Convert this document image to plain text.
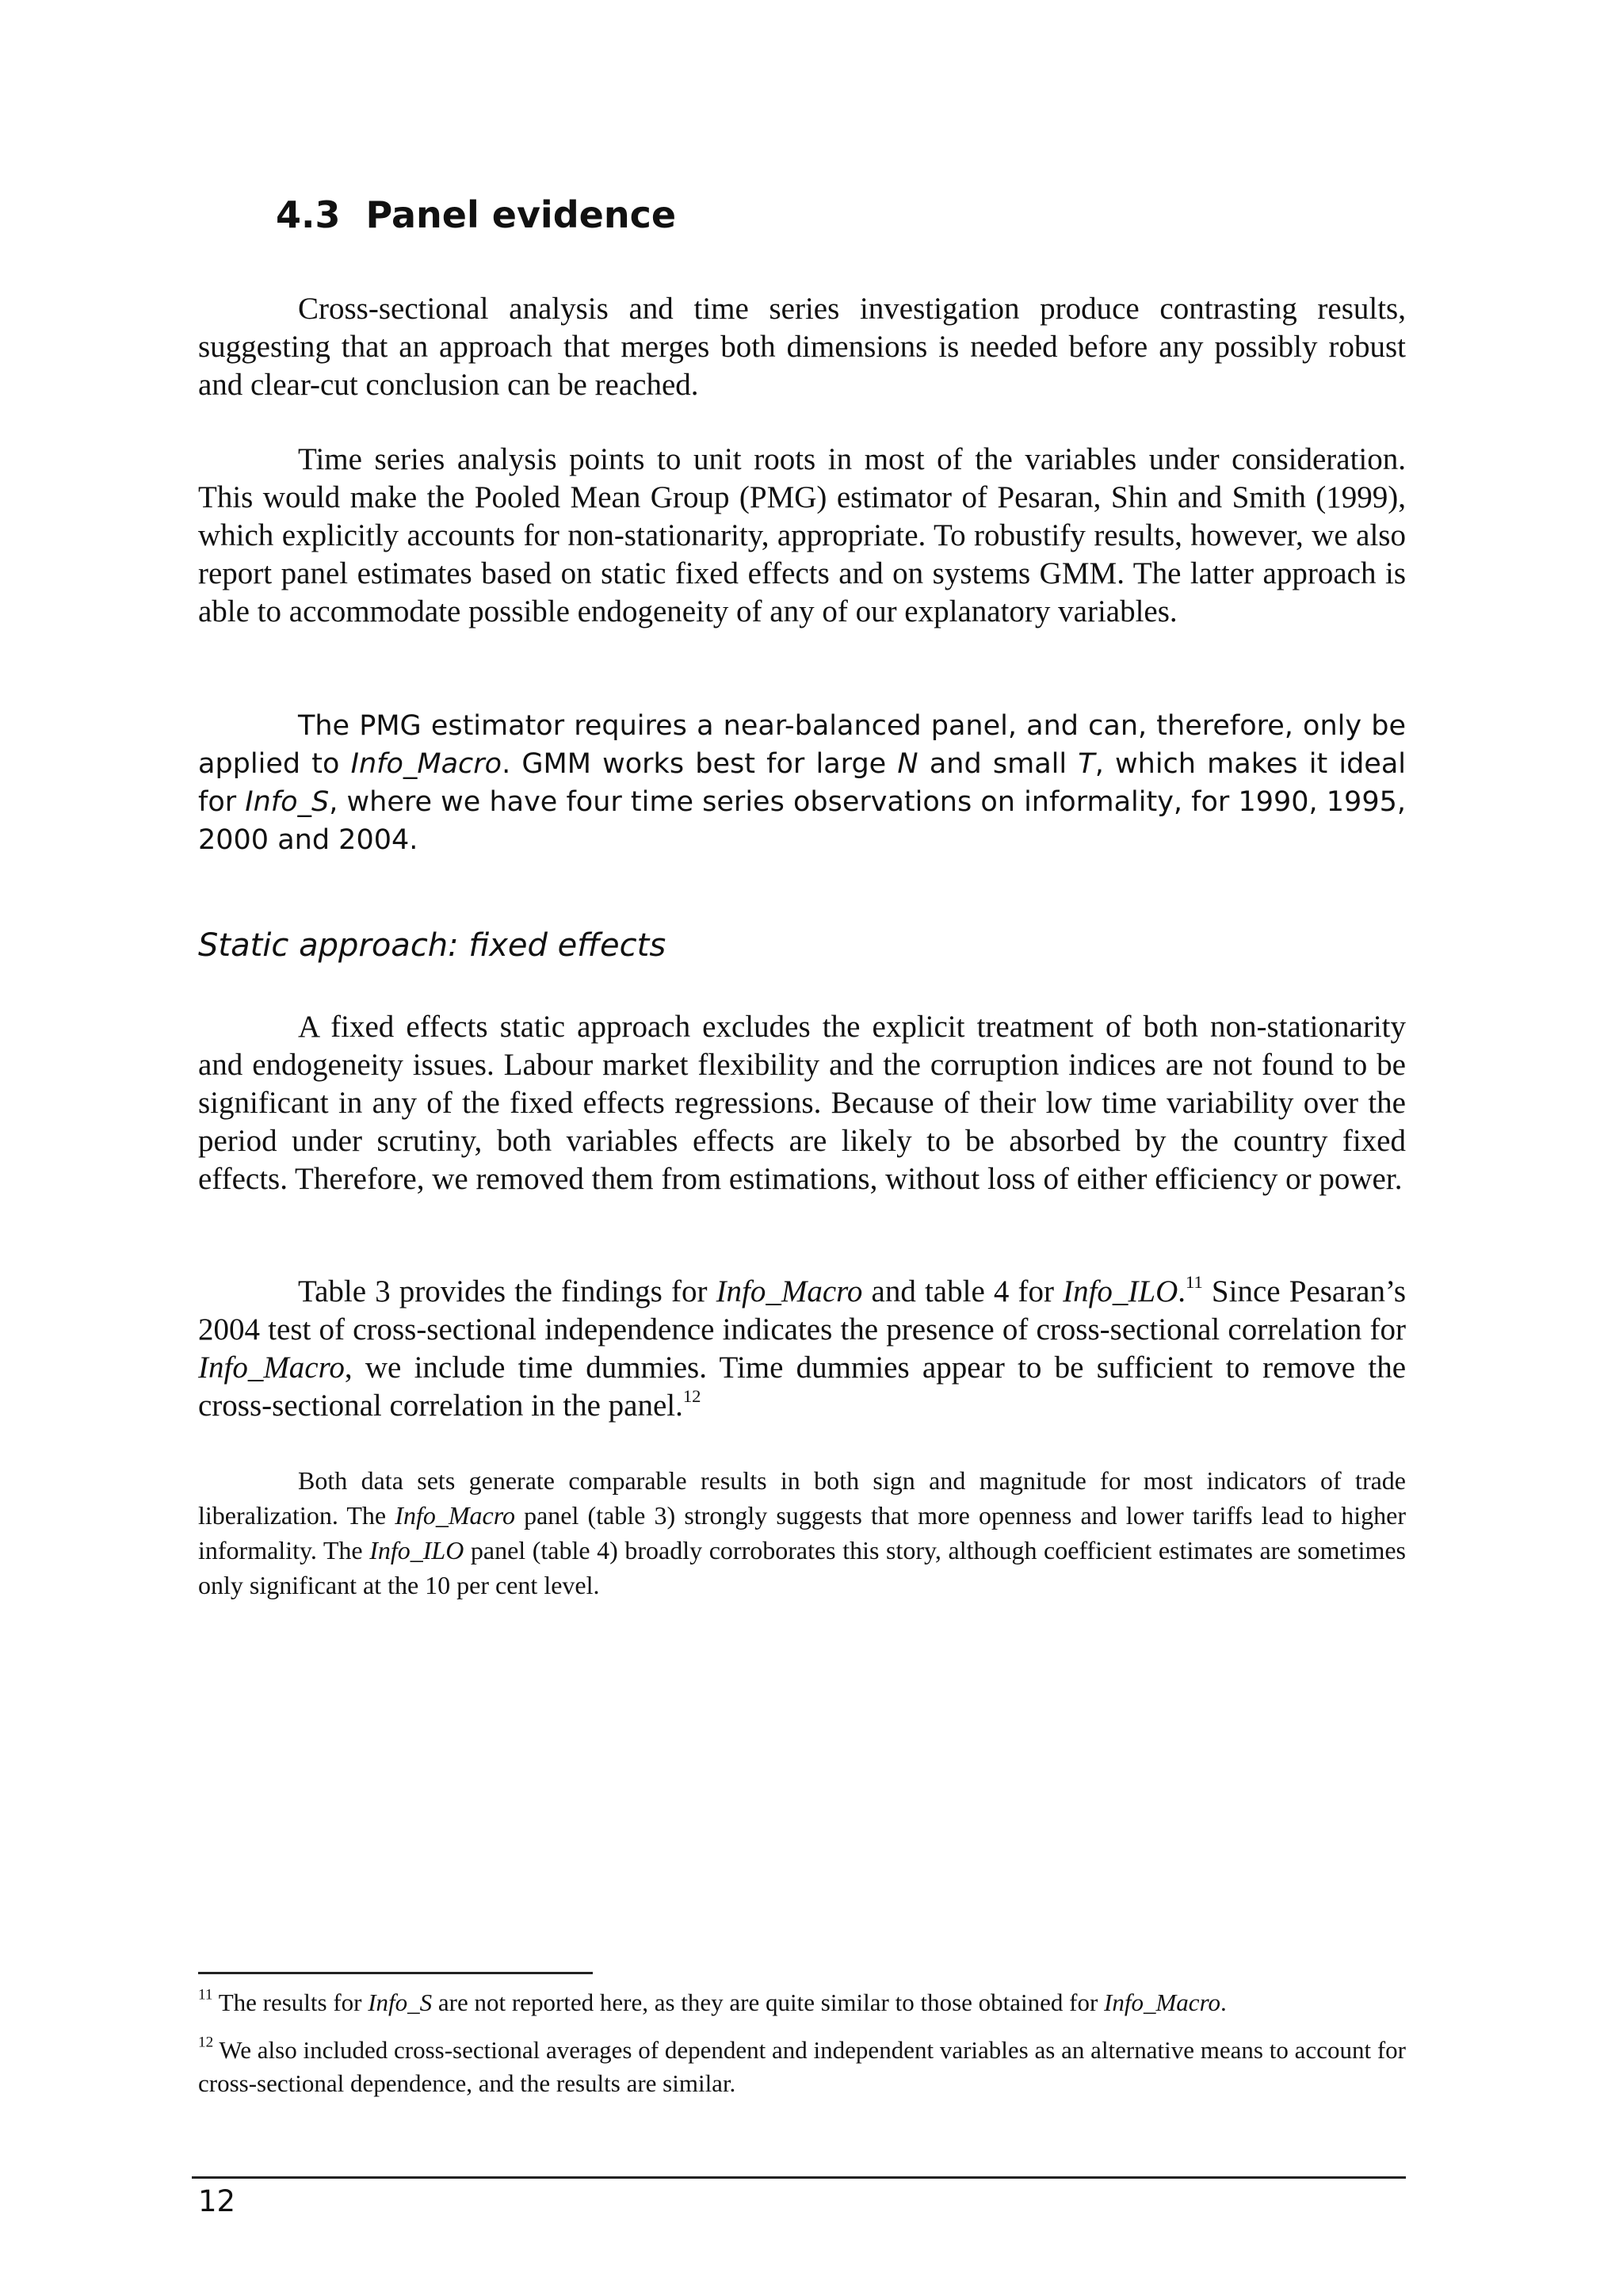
4.3 Panel evidence

Cross-sectional analysis and time series investigation produce contrasting results, suggesting that an approach that merges both dimensions is needed before any possibly robust and clear-cut conclusion can be reached.

Time series analysis points to unit roots in most of the variables under consideration. This would make the Pooled Mean Group (PMG) estimator of Pesaran, Shin and Smith (1999), which explicitly accounts for non-stationarity, appropriate. To robustify results, however, we also report panel estimates based on static fixed effects and on systems GMM. The latter approach is able to accommodate possible endogeneity of any of our explanatory variables.

The PMG estimator requires a near-balanced panel, and can, therefore, only be applied to Info_Macro. GMM works best for large N and small T, which makes it ideal for Info_S, where we have four time series observations on informality, for 1990, 1995, 2000 and 2004.

Static approach: fixed effects

A fixed effects static approach excludes the explicit treatment of both non-stationarity and endogeneity issues. Labour market flexibility and the corruption indices are not found to be significant in any of the fixed effects regressions. Because of their low time variability over the period under scrutiny, both variables effects are likely to be absorbed by the country fixed effects. Therefore, we removed them from estimations, without loss of either efficiency or power.

Table 3 provides the findings for Info_Macro and table 4 for Info_ILO.$^{11}$ Since Pesaran’s 2004 test of cross-sectional independence indicates the presence of cross-sectional correlation for Info_Macro, we include time dummies. Time dummies appear to be sufficient to remove the cross-sectional correlation in the panel.$^{12}$

Both data sets generate comparable results in both sign and magnitude for most indicators of trade liberalization. The Info_Macro panel (table 3) strongly suggests that more openness and lower tariffs lead to higher informality. The Info_ILO panel (table 4) broadly corroborates this story, although coefficient estimates are sometimes only significant at the 10 per cent level.

$^{11}$ The results for Info_S are not reported here, as they are quite similar to those obtained for Info_Macro.

$^{12}$ We also included cross-sectional averages of dependent and independent variables as an alternative means to account for cross-sectional dependence, and the results are similar.

12
